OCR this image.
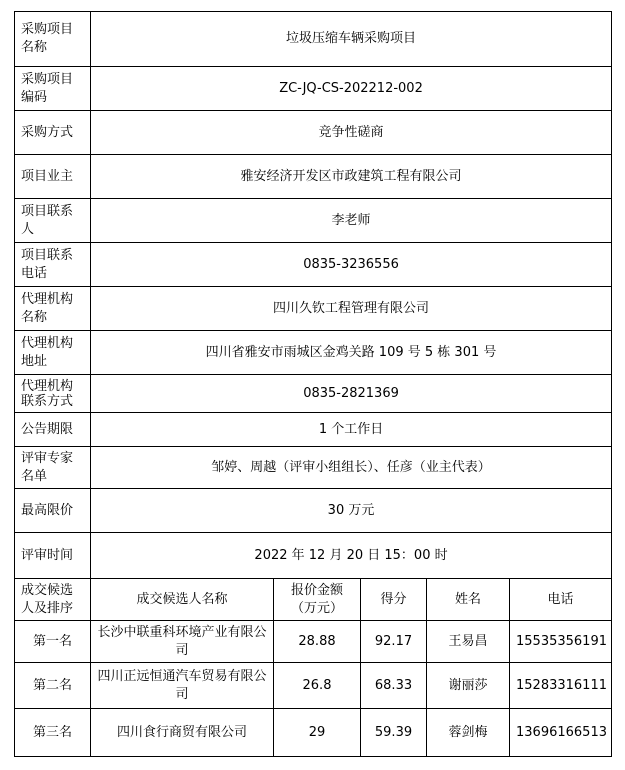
采购项目名称	垃圾压缩车辆采购项目				
采购项目编码	ZC-JQ-CS-202212-002				
采购方式	竞争性磋商				
项目业主	雅安经济开发区市政建筑工程有限公司				
项目联系人	李老师				
项目联系电话	0835-3236556				
代理机构名称	四川久钦工程管理有限公司				
代理机构地址	四川省雅安市雨城区金鸡关路 109 号 5 栋 301 号				
代理机构联系方式	0835-2821369				
公告期限	1 个工作日				
评审专家名单	邹婷、周越（评审小组组长）、任彦（业主代表）				
最高限价	30 万元				
评审时间	2022 年 12 月 20 日 15：00 时				
成交候选人及排序	成交候选人名称	报价金额（万元）	得分	姓名	电话
第一名	长沙中联重科环境产业有限公司	28.88	92.17	王易昌	15535356191
第二名	四川正远恒通汽车贸易有限公司	26.8	68.33	谢丽莎	15283316111
第三名	四川食行商贸有限公司	29	59.39	蓉剑梅	13696166513
